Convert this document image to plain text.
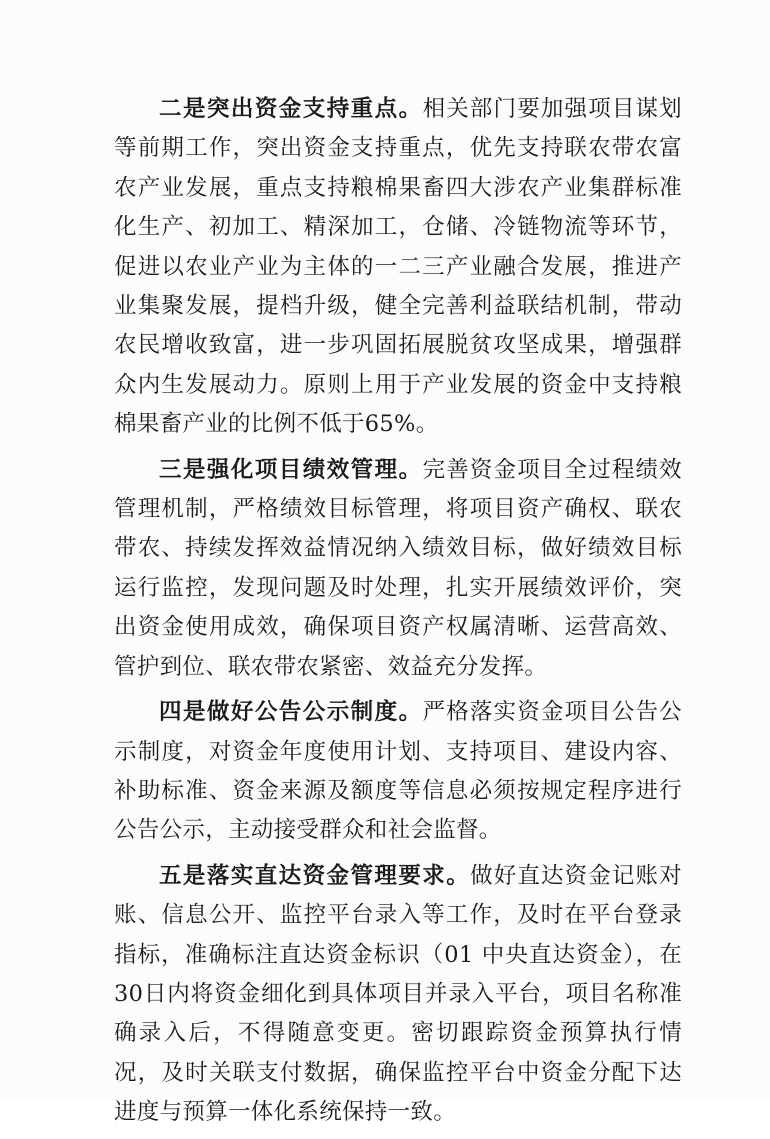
二是突出资金支持重点。相关部门要加强项目谋划等前期工作，突出资金支持重点，优先支持联农带农富农产业发展，重点支持粮棉果畜四大涉农产业集群标准化生产、初加工、精深加工，仓储、冷链物流等环节，促进以农业产业为主体的一二三产业融合发展，推进产业集聚发展，提档升级，健全完善利益联结机制，带动农民增收致富，进一步巩固拓展脱贫攻坚成果，增强群众内生发展动力。原则上用于产业发展的资金中支持粮棉果畜产业的比例不低于65%。

三是强化项目绩效管理。完善资金项目全过程绩效管理机制，严格绩效目标管理，将项目资产确权、联农带农、持续发挥效益情况纳入绩效目标，做好绩效目标运行监控，发现问题及时处理，扎实开展绩效评价，突出资金使用成效，确保项目资产权属清晰、运营高效、管护到位、联农带农紧密、效益充分发挥。

四是做好公告公示制度。严格落实资金项目公告公示制度，对资金年度使用计划、支持项目、建设内容、补助标准、资金来源及额度等信息必须按规定程序进行公告公示，主动接受群众和社会监督。

五是落实直达资金管理要求。做好直达资金记账对账、信息公开、监控平台录入等工作，及时在平台登录指标，准确标注直达资金标识（01 中央直达资金），在30日内将资金细化到具体项目并录入平台，项目名称准确录入后，不得随意变更。密切跟踪资金预算执行情况，及时关联支付数据，确保监控平台中资金分配下达进度与预算一体化系统保持一致。
